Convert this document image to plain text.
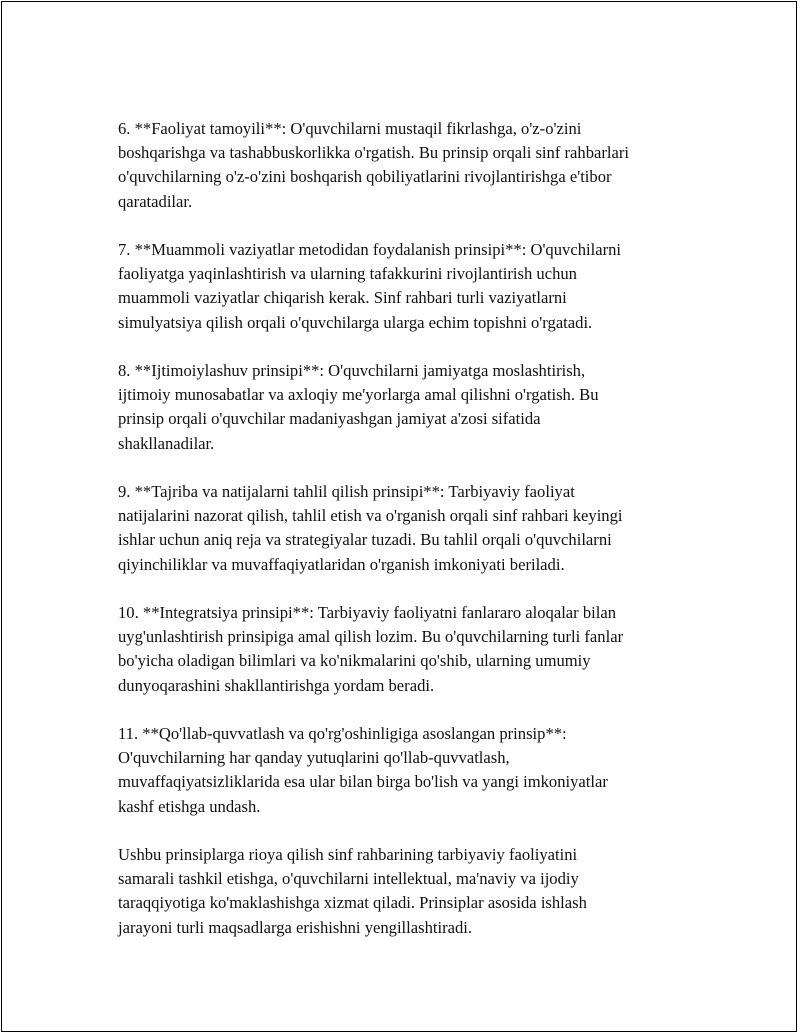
6. **Faoliyat tamoyili**: O'quvchilarni mustaqil fikrlashga, o'z-o'zini
boshqarishga va tashabbuskorlikka o'rgatish. Bu prinsip orqali sinf rahbarlari
o'quvchilarning o'z-o'zini boshqarish qobiliyatlarini rivojlantirishga e'tibor
qaratadilar.

7. **Muammoli vaziyatlar metodidan foydalanish prinsipi**: O'quvchilarni
faoliyatga yaqinlashtirish va ularning tafakkurini rivojlantirish uchun
muammoli vaziyatlar chiqarish kerak. Sinf rahbari turli vaziyatlarni
simulyatsiya qilish orqali o'quvchilarga ularga echim topishni o'rgatadi.

8. **Ijtimoiylashuv prinsipi**: O'quvchilarni jamiyatga moslashtirish,
ijtimoiy munosabatlar va axloqiy me'yorlarga amal qilishni o'rgatish. Bu
prinsip orqali o'quvchilar madaniyashgan jamiyat a'zosi sifatida
shakllanadilar.

9. **Tajriba va natijalarni tahlil qilish prinsipi**: Tarbiyaviy faoliyat
natijalarini nazorat qilish, tahlil etish va o'rganish orqali sinf rahbari keyingi
ishlar uchun aniq reja va strategiyalar tuzadi. Bu tahlil orqali o'quvchilarni
qiyinchiliklar va muvaffaqiyatlaridan o'rganish imkoniyati beriladi.

10. **Integratsiya prinsipi**: Tarbiyaviy faoliyatni fanlararo aloqalar bilan
uyg'unlashtirish prinsipiga amal qilish lozim. Bu o'quvchilarning turli fanlar
bo'yicha oladigan bilimlari va ko'nikmalarini qo'shib, ularning umumiy
dunyoqarashini shakllantirishga yordam beradi.

11. **Qo'llab-quvvatlash va qo'rg'oshinligiga asoslangan prinsip**:
O'quvchilarning har qanday yutuqlarini qo'llab-quvvatlash,
muvaffaqiyatsizliklarida esa ular bilan birga bo'lish va yangi imkoniyatlar
kashf etishga undash.

Ushbu prinsiplarga rioya qilish sinf rahbarining tarbiyaviy faoliyatini
samarali tashkil etishga, o'quvchilarni intellektual, ma'naviy va ijodiy
taraqqiyotiga ko'maklashishga xizmat qiladi. Prinsiplar asosida ishlash
jarayoni turli maqsadlarga erishishni yengillashtiradi.
